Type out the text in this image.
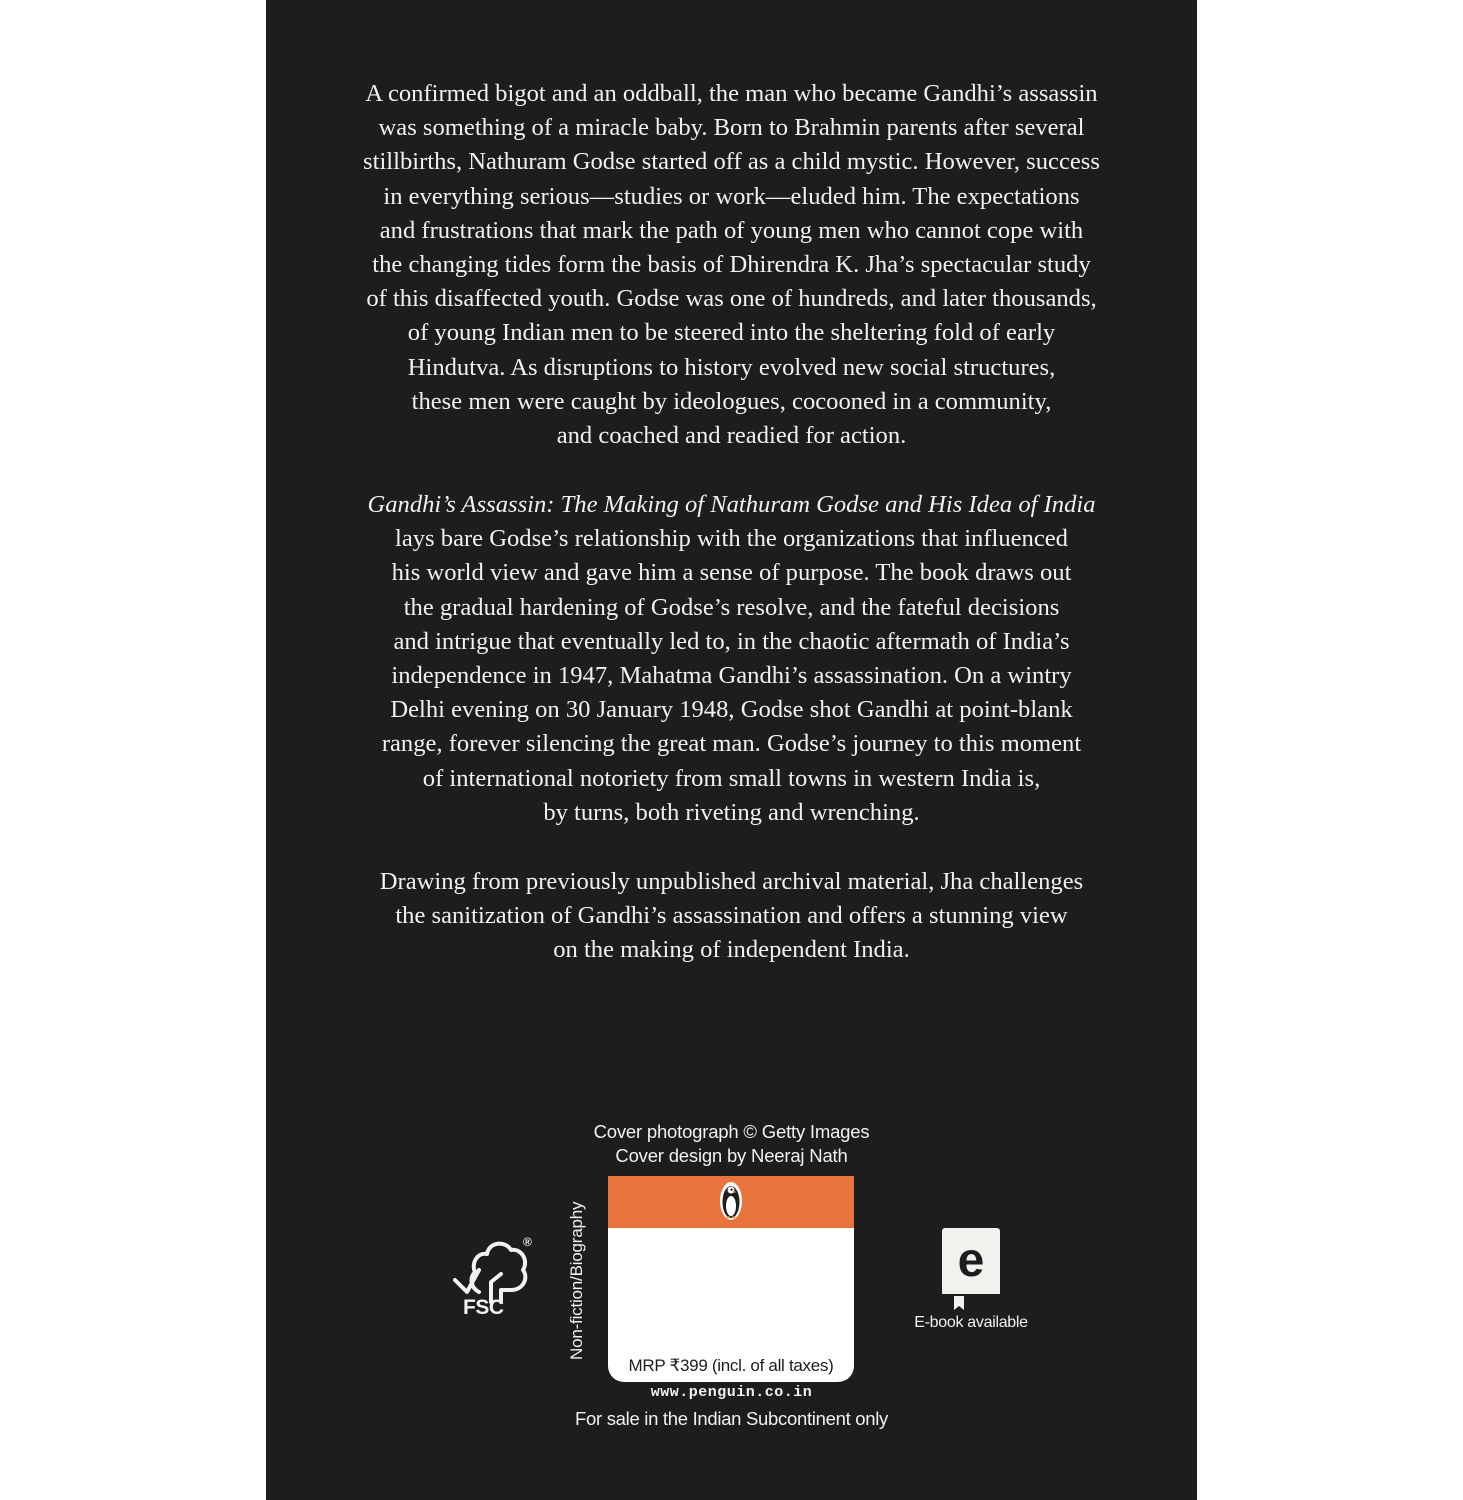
A confirmed bigot and an oddball, the man who became Gandhi’s assassin
was something of a miracle baby. Born to Brahmin parents after several
stillbirths, Nathuram Godse started off as a child mystic. However, success
in everything serious—studies or work—eluded him. The expectations
and frustrations that mark the path of young men who cannot cope with
the changing tides form the basis of Dhirendra K. Jha’s spectacular study
of this disaffected youth. Godse was one of hundreds, and later thousands,
of young Indian men to be steered into the sheltering fold of early
Hindutva. As disruptions to history evolved new social structures,
these men were caught by ideologues, cocooned in a community,
and coached and readied for action.

Gandhi’s Assassin: The Making of Nathuram Godse and His Idea of India
lays bare Godse’s relationship with the organizations that influenced
his world view and gave him a sense of purpose. The book draws out
the gradual hardening of Godse’s resolve, and the fateful decisions
and intrigue that eventually led to, in the chaotic aftermath of India’s
independence in 1947, Mahatma Gandhi’s assassination. On a wintry
Delhi evening on 30 January 1948, Godse shot Gandhi at point-blank
range, forever silencing the great man. Godse’s journey to this moment
of international notoriety from small towns in western India is,
by turns, both riveting and wrenching.

Drawing from previously unpublished archival material, Jha challenges
the sanitization of Gandhi’s assassination and offers a stunning view
on the making of independent India.

Cover photograph © Getty Images
Cover design by Neeraj Nath
®
FSC	Non-fiction/Biography
MRP ₹399 (incl. of all taxes)
www.penguin.co.in
For sale in the Indian Subcontinent only
e
E-book available
